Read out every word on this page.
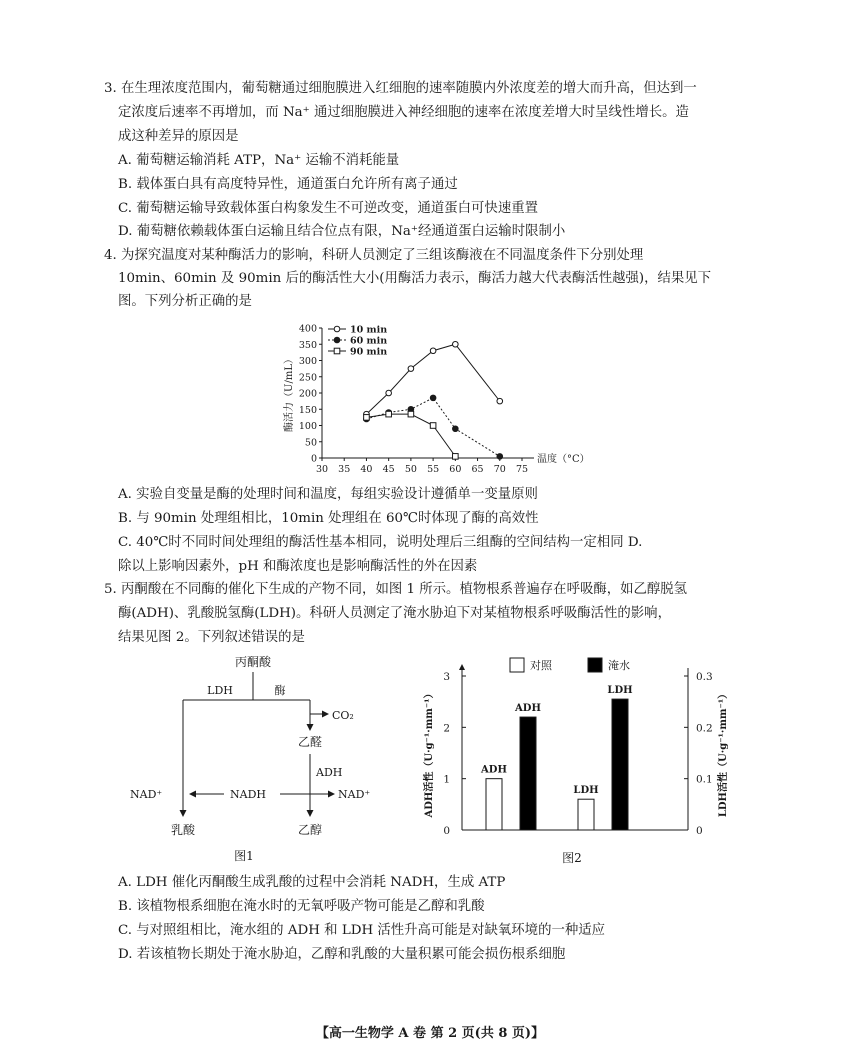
3. 在生理浓度范围内，葡萄糖通过细胞膜进入红细胞的速率随膜内外浓度差的增大而升高，但达到一
定浓度后速率不再增加，而 Na⁺ 通过细胞膜进入神经细胞的速率在浓度差增大时呈线性增长。造
成这种差异的原因是
A. 葡萄糖运输消耗 ATP，Na⁺ 运输不消耗能量
B. 载体蛋白具有高度特异性，通道蛋白允许所有离子通过
C. 葡萄糖运输导致载体蛋白构象发生不可逆改变，通道蛋白可快速重置
D. 葡萄糖依赖载体蛋白运输且结合位点有限，Na⁺经通道蛋白运输时限制小
4. 为探究温度对某种酶活力的影响，科研人员测定了三组该酶液在不同温度条件下分别处理
10min、60min 及 90min 后的酶活性大小(用酶活力表示，酶活力越大代表酶活性越强)，结果见下
图。下列分析正确的是
0
50
100
150
200
250
300
350
400
30 35 40 45 50 55 60 65 70 75
温度（°C）
酶活力（U/mL）
10 min
60 min
90 min
A. 实验自变量是酶的处理时间和温度，每组实验设计遵循单一变量原则
B. 与 90min 处理组相比，10min 处理组在 60℃时体现了酶的高效性
C. 40℃时不同时间处理组的酶活性基本相同，说明处理后三组酶的空间结构一定相同 D.
除以上影响因素外，pH 和酶浓度也是影响酶活性的外在因素
5. 丙酮酸在不同酶的催化下生成的产物不同，如图 1 所示。植物根系普遍存在呼吸酶，如乙醇脱氢
酶(ADH)、乳酸脱氢酶(LDH)。科研人员测定了淹水胁迫下对某植物根系呼吸酶活性的影响，
结果见图 2。下列叙述错误的是
丙酮酸
LDH	酶
CO₂
乙醛
ADH
NADH
NAD⁺	NAD⁺
乳酸	乙醇
图1
0
1
2
3
0
0.1
0.2
0.3
ADH活性（U·g⁻¹·mm⁻¹）	LDH活性（U·g⁻¹·mm⁻¹）
ADH
ADH
LDH
LDH
对照	淹水
图2
A. LDH 催化丙酮酸生成乳酸的过程中会消耗 NADH，生成 ATP
B. 该植物根系细胞在淹水时的无氧呼吸产物可能是乙醇和乳酸
C. 与对照组相比，淹水组的 ADH 和 LDH 活性升高可能是对缺氧环境的一种适应
D. 若该植物长期处于淹水胁迫，乙醇和乳酸的大量积累可能会损伤根系细胞
【高一生物学 A 卷 第 2 页(共 8 页)】
